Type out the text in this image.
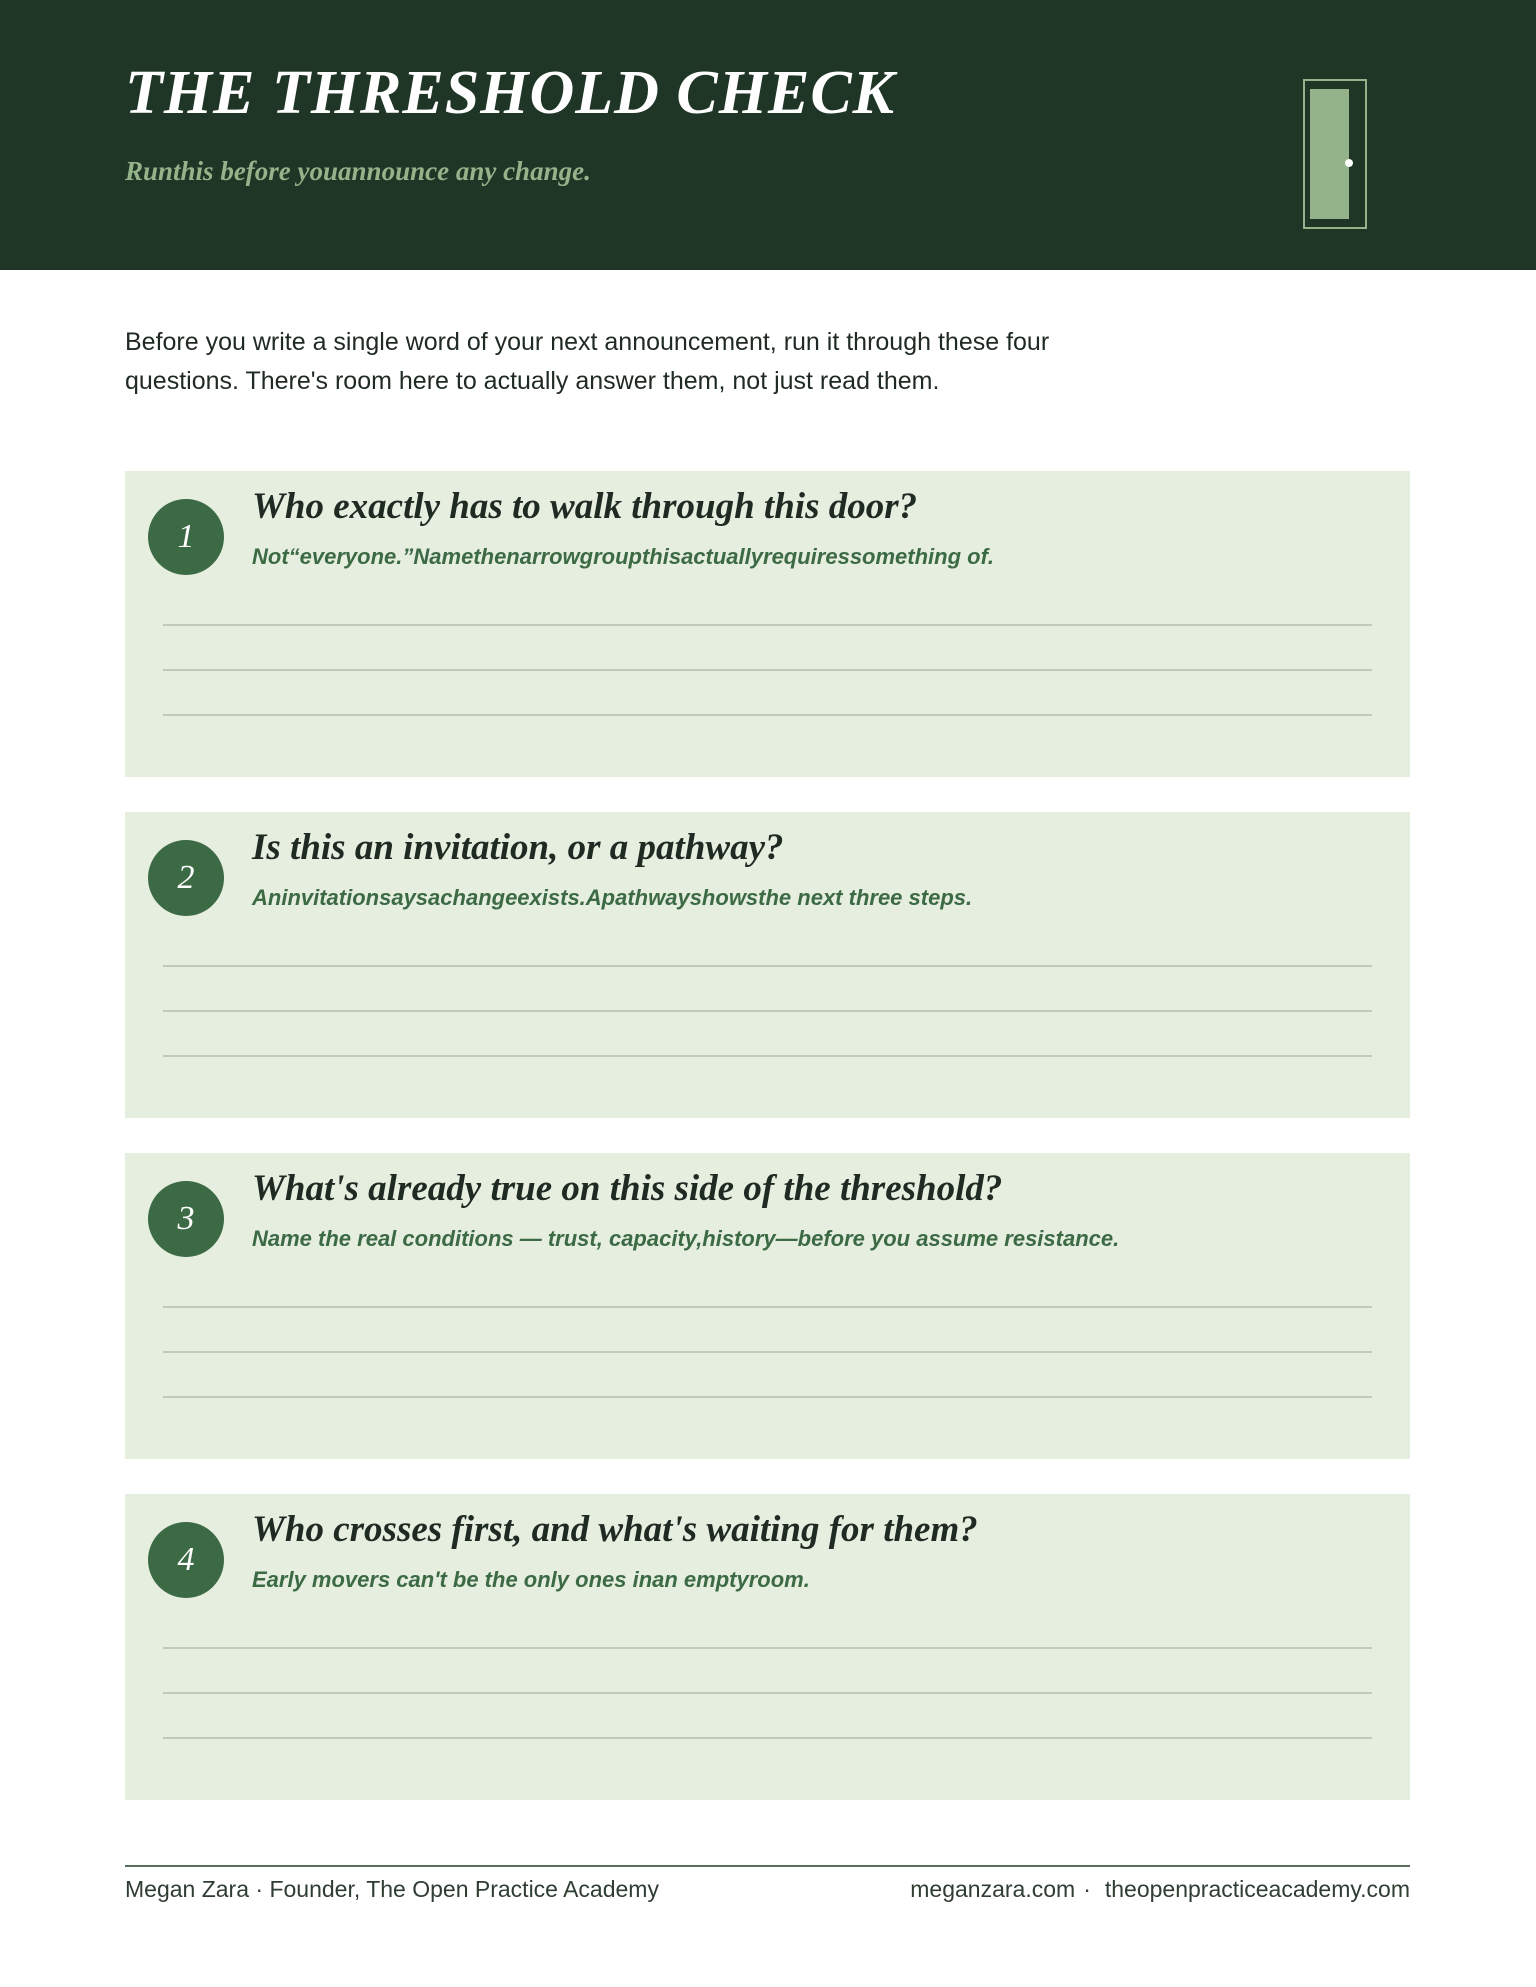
THE THRESHOLD CHECK
Runthis before youannounce any change.
Before you write a single word of your next announcement, run it through these four
questions. There's room here to actually answer them, not just read them.
1
Who exactly has to walk through this door?
Not“everyone.”Namethenarrowgroupthisactuallyrequiressomething of.
2
Is this an invitation, or a pathway?
Aninvitationsaysachangeexists.Apathwayshowsthe next three steps.
3
What's already true on this side of the threshold?
Name the real conditions — trust, capacity,history—before you assume resistance.
4
Who crosses first, and what's waiting for them?
Early movers can't be the only ones inan emptyroom.
Megan Zara · Founder, The Open Practice Academy	meganzara.com · theopenpracticeacademy.com
